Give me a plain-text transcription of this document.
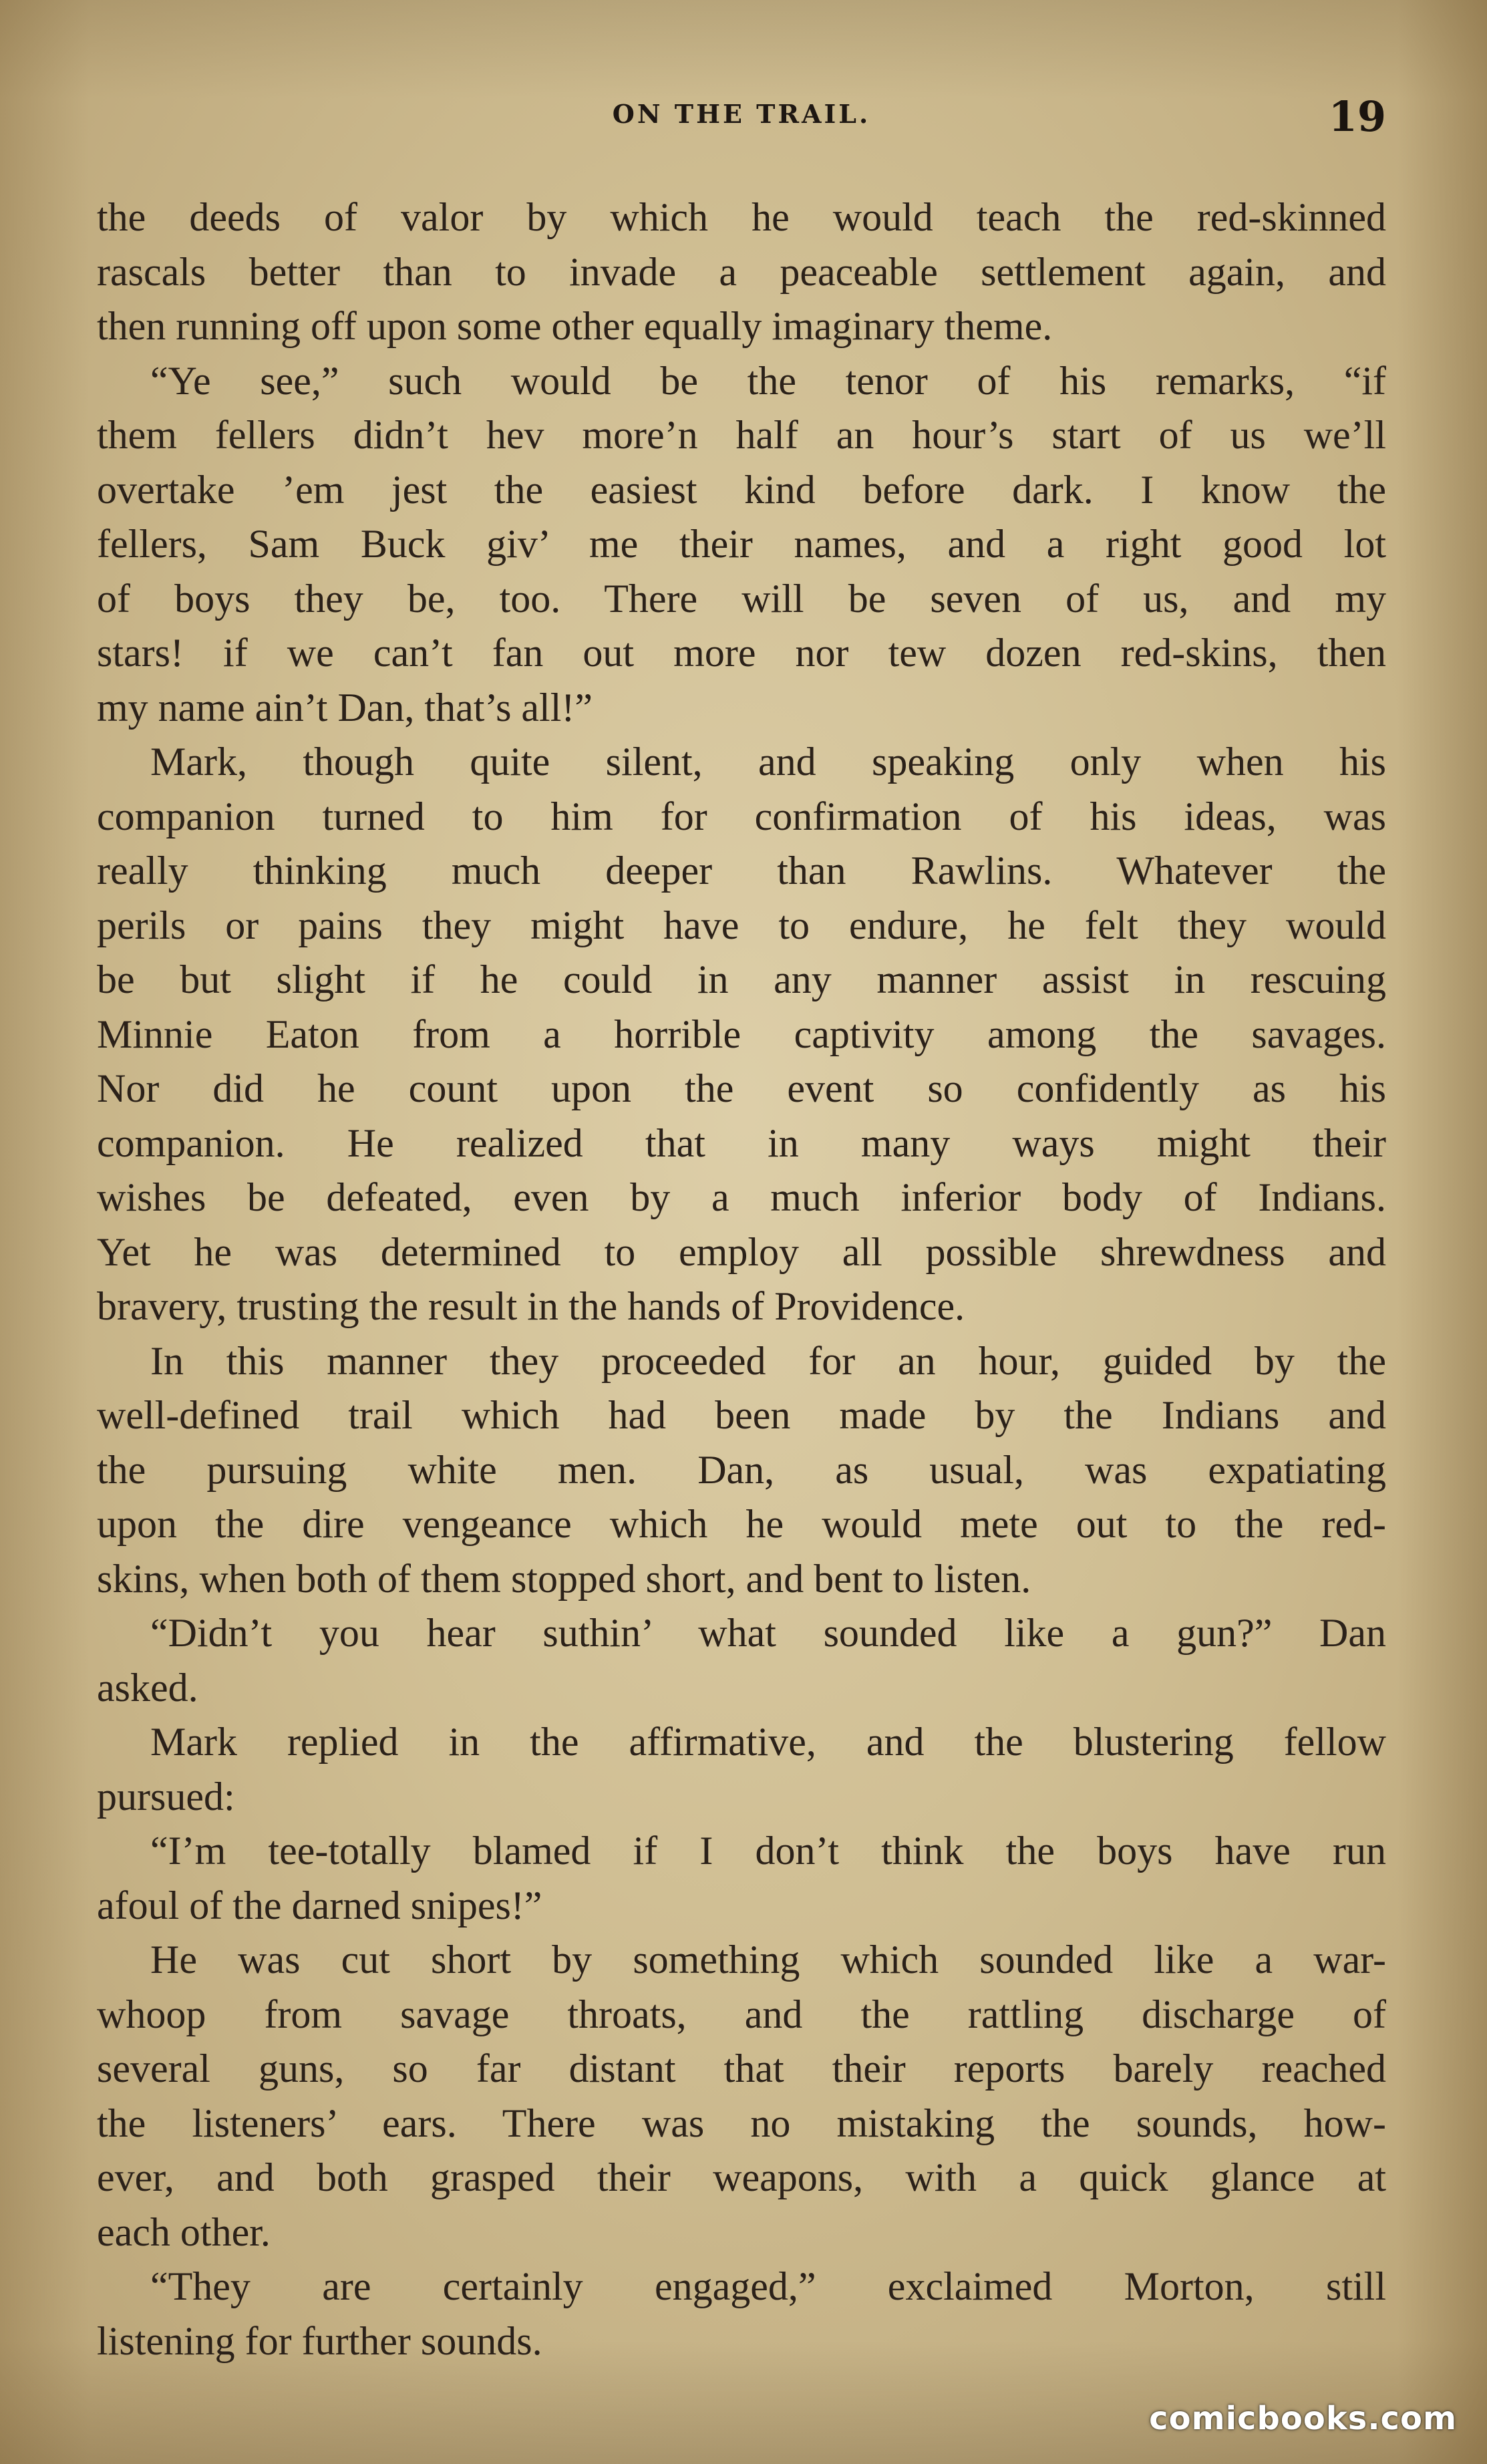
ON THE TRAIL.	19
the deeds of valor by which he would teach the red-skinned
rascals better than to invade a peaceable settlement again, and
then running off upon some other equally imaginary theme.
“Ye see,” such would be the tenor of his remarks, “if
them fellers didn’t hev more’n half an hour’s start of us we’ll
overtake ’em jest the easiest kind before dark. I know the
fellers, Sam Buck giv’ me their names, and a right good lot
of boys they be, too. There will be seven of us, and my
stars! if we can’t fan out more nor tew dozen red-skins, then
my name ain’t Dan, that’s all!”
Mark, though quite silent, and speaking only when his
companion turned to him for confirmation of his ideas, was
really thinking much deeper than Rawlins. Whatever the
perils or pains they might have to endure, he felt they would
be but slight if he could in any manner assist in rescuing
Minnie Eaton from a horrible captivity among the savages.
Nor did he count upon the event so confidently as his
companion. He realized that in many ways might their
wishes be defeated, even by a much inferior body of Indians.
Yet he was determined to employ all possible shrewdness and
bravery, trusting the result in the hands of Providence.
In this manner they proceeded for an hour, guided by the
well-defined trail which had been made by the Indians and
the pursuing white men. Dan, as usual, was expatiating
upon the dire vengeance which he would mete out to the red-
skins, when both of them stopped short, and bent to listen.
“Didn’t you hear suthin’ what sounded like a gun?” Dan
asked.
Mark replied in the affirmative, and the blustering fellow
pursued:
“I’m tee-totally blamed if I don’t think the boys have run
afoul of the darned snipes!”
He was cut short by something which sounded like a war-
whoop from savage throats, and the rattling discharge of
several guns, so far distant that their reports barely reached
the listeners’ ears. There was no mistaking the sounds, how-
ever, and both grasped their weapons, with a quick glance at
each other.
“They are certainly engaged,” exclaimed Morton, still
listening for further sounds.
comicbooks.com
